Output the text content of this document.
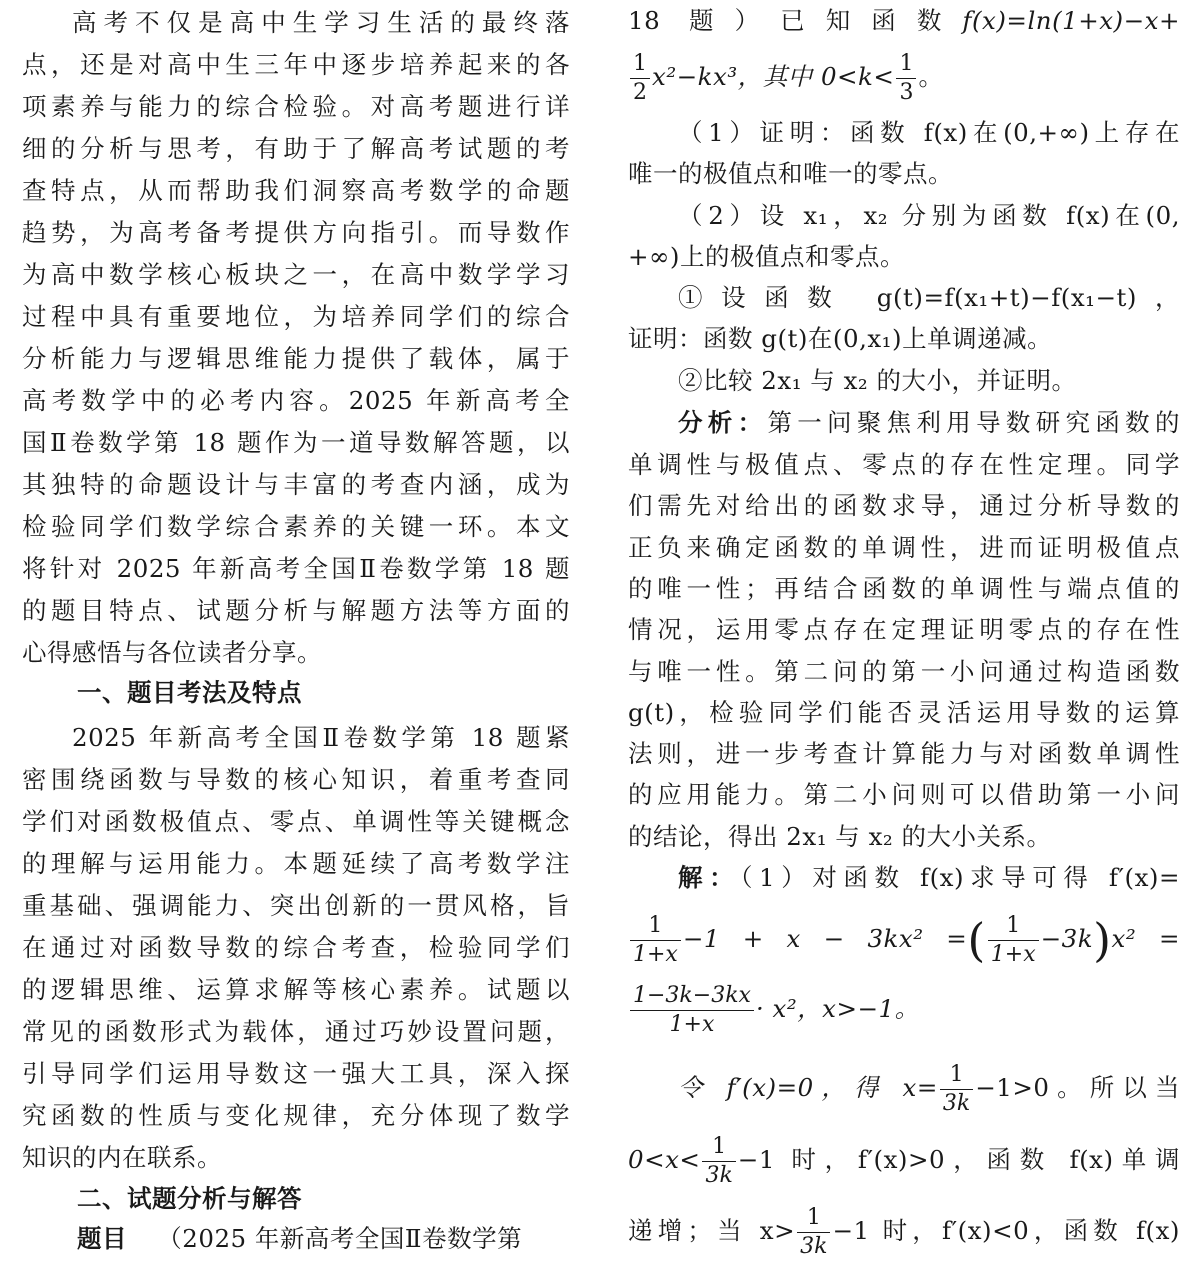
高考不仅是高中生学习生活的最终落
点，还是对高中生三年中逐步培养起来的各
项素养与能力的综合检验。对高考题进行详
细的分析与思考，有助于了解高考试题的考
查特点，从而帮助我们洞察高考数学的命题
趋势，为高考备考提供方向指引。而导数作
为高中数学核心板块之一，在高中数学学习
过程中具有重要地位，为培养同学们的综合
分析能力与逻辑思维能力提供了载体，属于
高考数学中的必考内容。2025 年新高考全
国Ⅱ卷数学第 18 题作为一道导数解答题，以
其独特的命题设计与丰富的考查内涵，成为
检验同学们数学综合素养的关键一环。本文
将针对 2025 年新高考全国Ⅱ卷数学第 18 题
的题目特点、试题分析与解题方法等方面的
心得感悟与各位读者分享。
一、题目考法及特点
2025 年新高考全国Ⅱ卷数学第 18 题紧
密围绕函数与导数的核心知识，着重考查同
学们对函数极值点、零点、单调性等关键概念
的理解与运用能力。本题延续了高考数学注
重基础、强调能力、突出创新的一贯风格，旨
在通过对函数导数的综合考查，检验同学们
的逻辑思维、运算求解等核心素养。试题以
常见的函数形式为载体，通过巧妙设置问题，
引导同学们运用导数这一强大工具，深入探
究函数的性质与变化规律，充分体现了数学
知识的内在联系。
二、试题分析与解答
题目 （2025 年新高考全国Ⅱ卷数学第
18 题）已知函数f(x)=ln(1+x)−x+
$\frac{1}{2} x^2-kx^3$，其中 $0<k< \frac{1}{3}$ 。
（1）证明：函数 f(x)在(0,+∞)上存在
唯一的极值点和唯一的零点。
（2）设 x₁，x₂ 分别为函数 f(x)在(0,
+∞)上的极值点和零点。
①设函数 g(t)=f(x₁+t)−f(x₁−t)，
证明：函数 g(t)在(0,x₁)上单调递减。
②比较 2x₁ 与 x₂ 的大小，并证明。
分析：第一问聚焦利用导数研究函数的
单调性与极值点、零点的存在性定理。同学
们需先对给出的函数求导，通过分析导数的
正负来确定函数的单调性，进而证明极值点
的唯一性；再结合函数的单调性与端点值的
情况，运用零点存在定理证明零点的存在性
与唯一性。第二问的第一小问通过构造函数
g(t)，检验同学们能否灵活运用导数的运算
法则，进一步考查计算能力与对函数单调性
的应用能力。第二小问则可以借助第一小问
的结论，得出 2x₁ 与 x₂ 的大小关系。
解：（1）对函数 f(x)求导可得 f′(x)=
$\frac{1}{1+x} -1 + x - 3kx^2$ =( $\frac{1}{1+x} -3k)x^2$ =
$\frac{1-3k-3kx}{1+x} \cdot x^2$，x>−1。
令 f′(x)=0，得 $x= \frac{1}{3k} -1>0$。所以当
$0<x< \frac{1}{3k} -1$ 时，f′(x)>0，函数 f(x)单调
递增；当 $x> \frac{1}{3k} -1$ 时，f′(x)<0，函数 f(x)
